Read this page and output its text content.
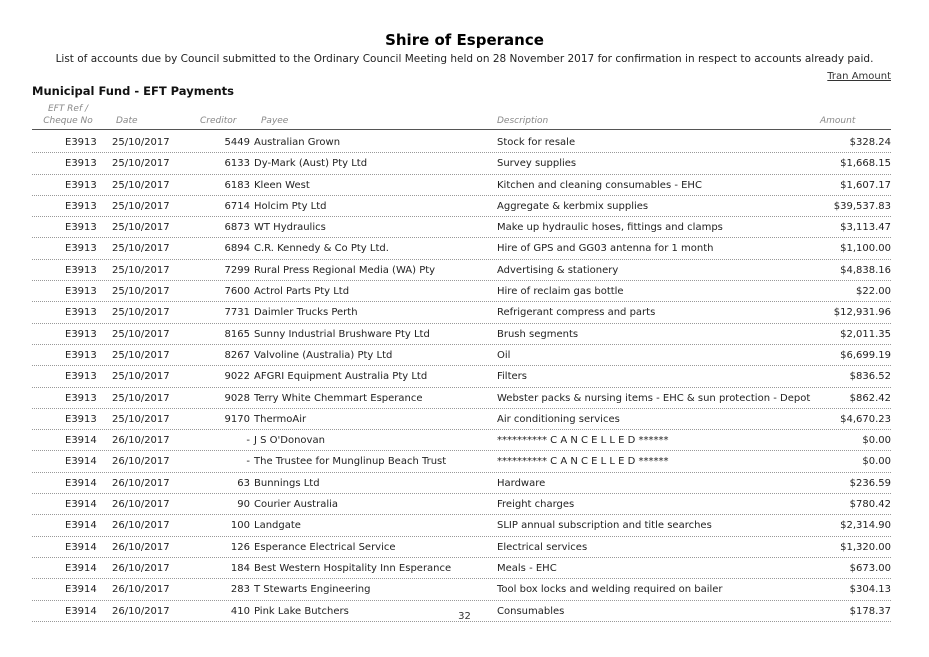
Shire of Esperance
List of accounts due by Council submitted to the Ordinary Council Meeting held on 28 November 2017 for confirmation in respect to accounts already paid.
Tran Amount
Municipal Fund - EFT Payments
EFT Ref /
Cheque No	Date	Creditor	Payee	Description	Amount
E3913 25/10/2017	5449 Australian Grown	Stock for resale	$328.24
E3913 25/10/2017	6133 Dy-Mark (Aust) Pty Ltd	Survey supplies	$1,668.15
E3913 25/10/2017	6183 Kleen West	Kitchen and cleaning consumables - EHC	$1,607.17
E3913 25/10/2017	6714 Holcim Pty Ltd	Aggregate & kerbmix supplies	$39,537.83
E3913 25/10/2017	6873 WT Hydraulics	Make up hydraulic hoses, fittings and clamps	$3,113.47
E3913 25/10/2017	6894 C.R. Kennedy & Co Pty Ltd.	Hire of GPS and GG03 antenna for 1 month	$1,100.00
E3913 25/10/2017	7299 Rural Press Regional Media (WA) Pty	Advertising & stationery	$4,838.16
E3913 25/10/2017	7600 Actrol Parts Pty Ltd	Hire of reclaim gas bottle	$22.00
E3913 25/10/2017	7731 Daimler Trucks Perth	Refrigerant compress and parts	$12,931.96
E3913 25/10/2017	8165 Sunny Industrial Brushware Pty Ltd	Brush segments	$2,011.35
E3913 25/10/2017	8267 Valvoline (Australia) Pty Ltd	Oil	$6,699.19
E3913 25/10/2017	9022 AFGRI Equipment Australia Pty Ltd	Filters	$836.52
E3913 25/10/2017	9028 Terry White Chemmart Esperance	Webster packs & nursing items - EHC & sun protection - Depot	$862.42
E3913 25/10/2017	9170 ThermoAir	Air conditioning services	$4,670.23
E3914 26/10/2017	- J S O'Donovan	********** C A N C E L L E D ******	$0.00
E3914 26/10/2017	- The Trustee for Munglinup Beach Trust	********** C A N C E L L E D ******	$0.00
E3914 26/10/2017	63 Bunnings Ltd	Hardware	$236.59
E3914 26/10/2017	90 Courier Australia	Freight charges	$780.42
E3914 26/10/2017	100 Landgate	SLIP annual subscription and title searches	$2,314.90
E3914 26/10/2017	126 Esperance Electrical Service	Electrical services	$1,320.00
E3914 26/10/2017	184 Best Western Hospitality Inn Esperance	Meals - EHC	$673.00
E3914 26/10/2017	283 T Stewarts Engineering	Tool box locks and welding required on bailer	$304.13
E3914 26/10/2017	410 Pink Lake Butchers	Consumables	$178.37
32
